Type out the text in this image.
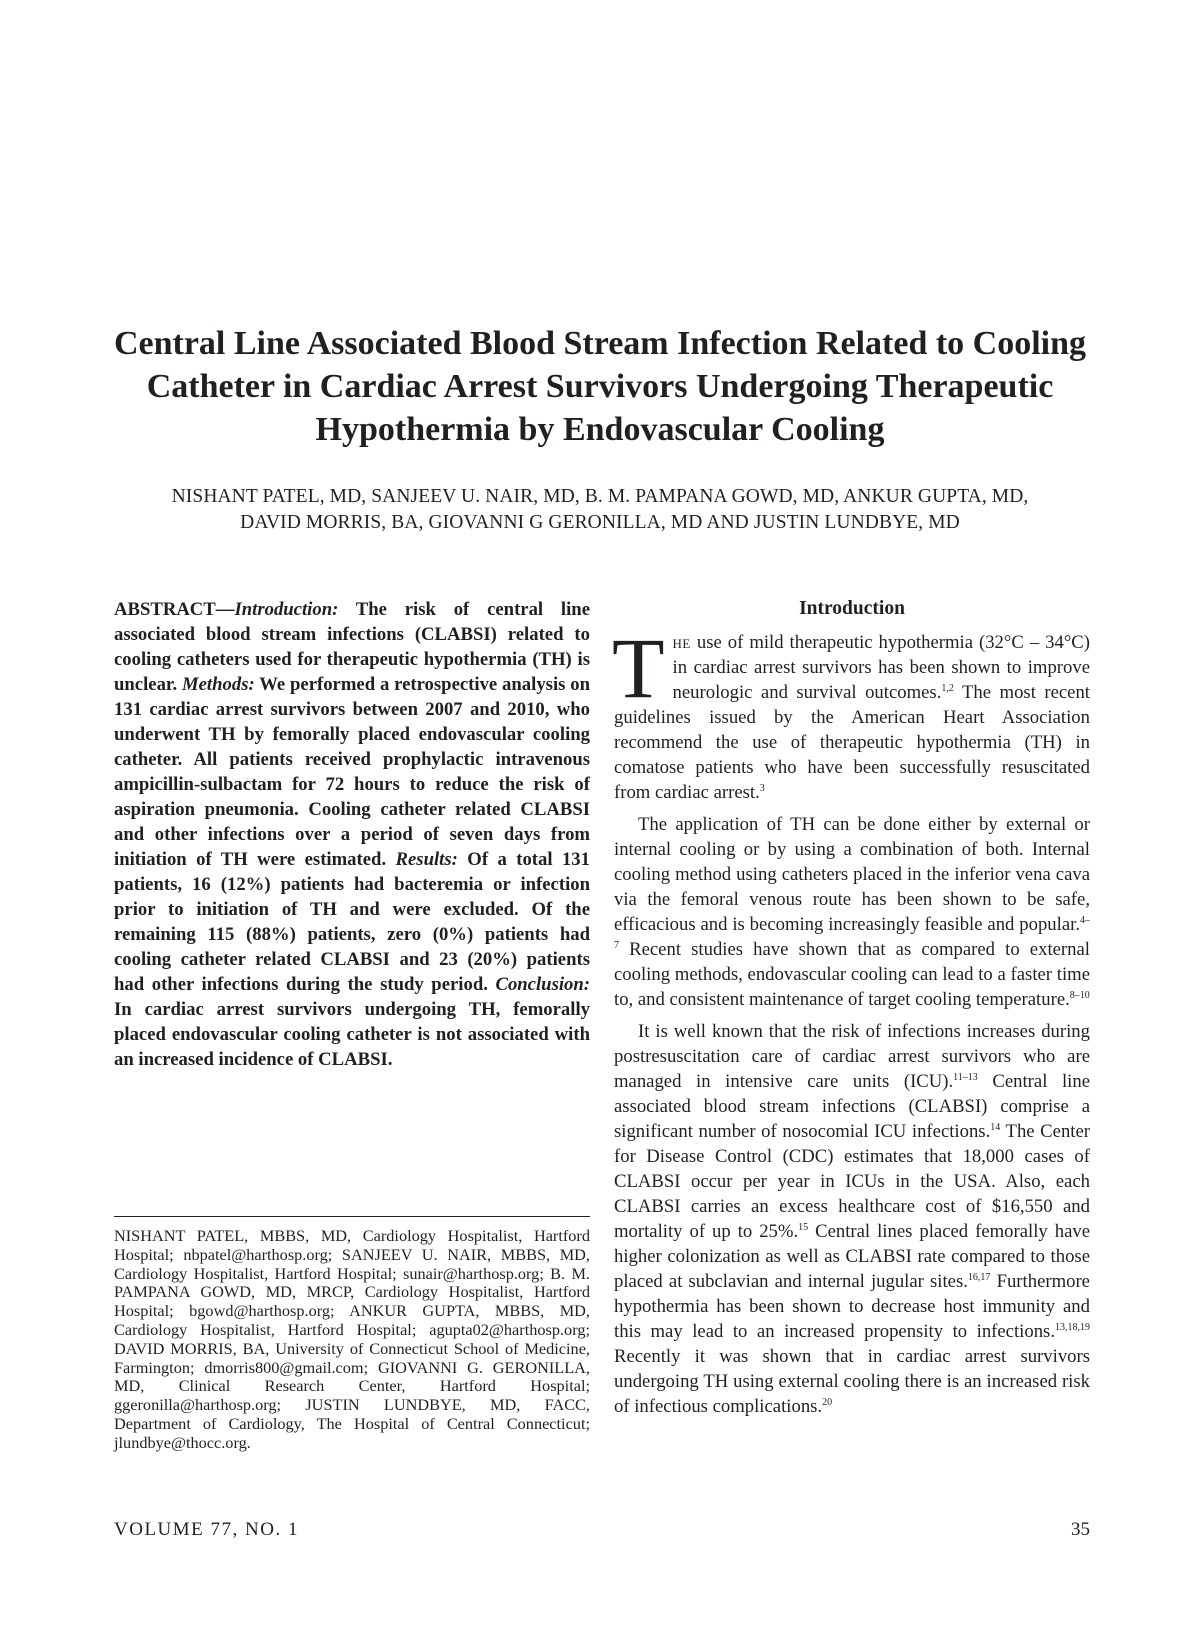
Central Line Associated Blood Stream Infection Related to Cooling Catheter in Cardiac Arrest Survivors Undergoing Therapeutic Hypothermia by Endovascular Cooling

NISHANT PATEL, MD, SANJEEV U. NAIR, MD, B. M. PAMPANA GOWD, MD, ANKUR GUPTA, MD, DAVID MORRIS, BA, GIOVANNI G GERONILLA, MD AND JUSTIN LUNDBYE, MD

ABSTRACT—Introduction: The risk of central line associated blood stream infections (CLABSI) related to cooling catheters used for therapeutic hypothermia (TH) is unclear. Methods: We performed a retrospective analysis on 131 cardiac arrest survivors between 2007 and 2010, who underwent TH by femorally placed endovascular cooling catheter. All patients received prophylactic intravenous ampicillin-sulbactam for 72 hours to reduce the risk of aspiration pneumonia. Cooling catheter related CLABSI and other infections over a period of seven days from initiation of TH were estimated. Results: Of a total 131 patients, 16 (12%) patients had bacteremia or infection prior to initiation of TH and were excluded. Of the remaining 115 (88%) patients, zero (0%) patients had cooling catheter related CLABSI and 23 (20%) patients had other infections during the study period. Conclusion: In cardiac arrest survivors undergoing TH, femorally placed endovascular cooling catheter is not associated with an increased incidence of CLABSI.

NISHANT PATEL, MBBS, MD, Cardiology Hospitalist, Hartford Hospital; nbpatel@harthosp.org; SANJEEV U. NAIR, MBBS, MD, Cardiology Hospitalist, Hartford Hospital; sunair@harthosp.org; B. M. PAMPANA GOWD, MD, MRCP, Cardiology Hospitalist, Hartford Hospital; bgowd@harthosp.org; ANKUR GUPTA, MBBS, MD, Cardiology Hospitalist, Hartford Hospital; agupta02@harthosp.org; DAVID MORRIS, BA, University of Connecticut School of Medicine, Farmington; dmorris800@gmail.com; GIOVANNI G. GERONILLA, MD, Clinical Research Center, Hartford Hospital; ggeronilla@harthosp.org; JUSTIN LUNDBYE, MD, FACC, Department of Cardiology, The Hospital of Central Connecticut; jlundbye@thocc.org.

Introduction

The use of mild therapeutic hypothermia (32°C – 34°C) in cardiac arrest survivors has been shown to improve neurologic and survival outcomes.$^{1,2}$ The most recent guidelines issued by the American Heart Association recommend the use of therapeutic hypothermia (TH) in comatose patients who have been successfully resuscitated from cardiac arrest.$^3$

The application of TH can be done either by external or internal cooling or by using a combination of both. Internal cooling method using catheters placed in the inferior vena cava via the femoral venous route has been shown to be safe, efficacious and is becoming increasingly feasible and popular.$^{4-7}$ Recent studies have shown that as compared to external cooling methods, endovascular cooling can lead to a faster time to, and consistent maintenance of target cooling temperature.$^{8-10}$

It is well known that the risk of infections increases during postresuscitation care of cardiac arrest survivors who are managed in intensive care units (ICU).$^{11-13}$ Central line associated blood stream infections (CLABSI) comprise a significant number of nosocomial ICU infections.$^{14}$ The Center for Disease Control (CDC) estimates that 18,000 cases of CLABSI occur per year in ICUs in the USA. Also, each CLABSI carries an excess healthcare cost of $16,550 and mortality of up to 25%.$^{15}$ Central lines placed femorally have higher colonization as well as CLABSI rate compared to those placed at subclavian and internal jugular sites.$^{16,17}$ Furthermore hypothermia has been shown to decrease host immunity and this may lead to an increased propensity to infections.$^{13,18,19}$ Recently it was shown that in cardiac arrest survivors undergoing TH using external cooling there is an increased risk of infectious complications.$^{20}$

VOLUME 77, NO. 1	35
